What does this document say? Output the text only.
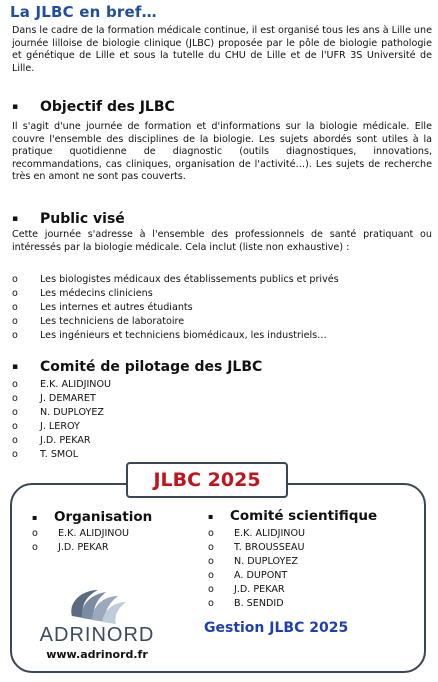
La JLBC en bref…

Dans le cadre de la formation médicale continue, il est organisé tous les ans à Lille une journée lilloise de biologie clinique (JLBC) proposée par le pôle de biologie pathologie et génétique de Lille et sous la tutelle du CHU de Lille et de l'UFR 3S Université de Lille.

▪ Objectif des JLBC

Il s'agit d'une journée de formation et d'informations sur la biologie médicale. Elle couvre l'ensemble des disciplines de la biologie. Les sujets abordés sont utiles à la pratique quotidienne de diagnostic (outils diagnostiques, innovations, recommandations, cas cliniques, organisation de l'activité…). Les sujets de recherche très en amont ne sont pas couverts.

▪ Public visé

Cette journée s'adresse à l'ensemble des professionnels de santé pratiquant ou intéressés par la biologie médicale. Cela inclut (liste non exhaustive) :

o Les biologistes médicaux des établissements publics et privés
o Les médecins cliniciens
o Les internes et autres étudiants
o Les techniciens de laboratoire
o Les ingénieurs et techniciens biomédicaux, les industriels…
▪ Comité de pilotage des JLBC
o E.K. ALIDJINOU
o J. DEMARET
o N. DUPLOYEZ
o J. LEROY
o J.D. PEKAR
o T. SMOL
JLBC 2025
▪ Organisation
o E.K. ALIDJINOU
o J.D. PEKAR
▪ Comité scientifique
o E.K. ALIDJINOU
o T. BROUSSEAU
o N. DUPLOYEZ
o A. DUPONT
o J.D. PEKAR
o B. SENDID

ADRINORD

www.adrinord.fr

Gestion JLBC 2025
